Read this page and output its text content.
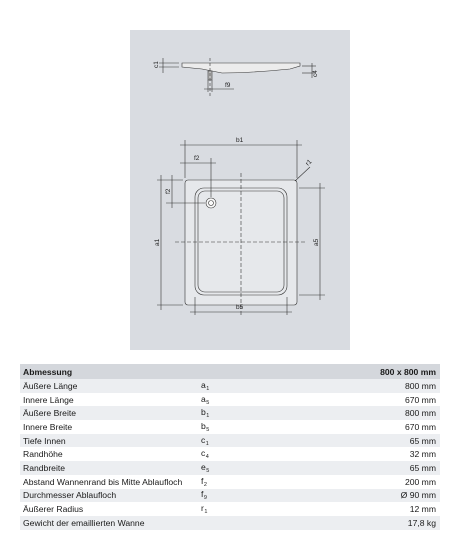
c1
c4
f9
b1
f2
f2
a1	a5
b5
r1
Abmessung		800 x 800 mm
Äußere Länge	$a_1$	800 mm
Innere Länge	$a_5$	670 mm
Äußere Breite	$b_1$	800 mm
Innere Breite	$b_5$	670 mm
Tiefe Innen	$c_1$	65 mm
Randhöhe	$c_4$	32 mm
Randbreite	$e_5$	65 mm
Abstand Wannenrand bis Mitte Ablaufloch	$f_2$	200 mm
Durchmesser Ablaufloch	$f_9$	Ø 90 mm
Äußerer Radius	$r_1$	12 mm
Gewicht der emaillierten Wanne		17,8 kg
